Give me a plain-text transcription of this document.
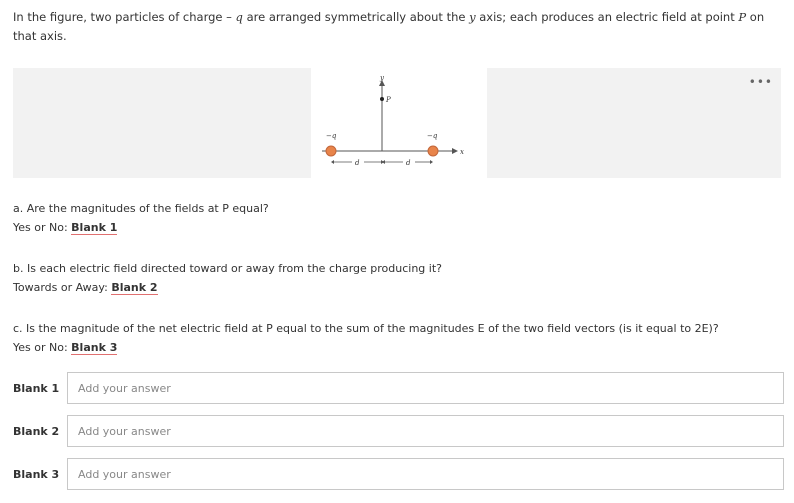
In the figure, two particles of charge – q are arranged symmetrically about the y axis; each produces an electric field at point P on that axis.
y
x
P
−q	−q
d	d
•••
a. Are the magnitudes of the fields at P equal?
Yes or No: Blank 1
b. Is each electric field directed toward or away from the charge producing it?
Towards or Away: Blank 2
c. Is the magnitude of the net electric field at P equal to the sum of the magnitudes E of the two field vectors (is it equal to 2E)?
Yes or No: Blank 3
Blank 1
Add your answer
Blank 2
Add your answer
Blank 3
Add your answer
